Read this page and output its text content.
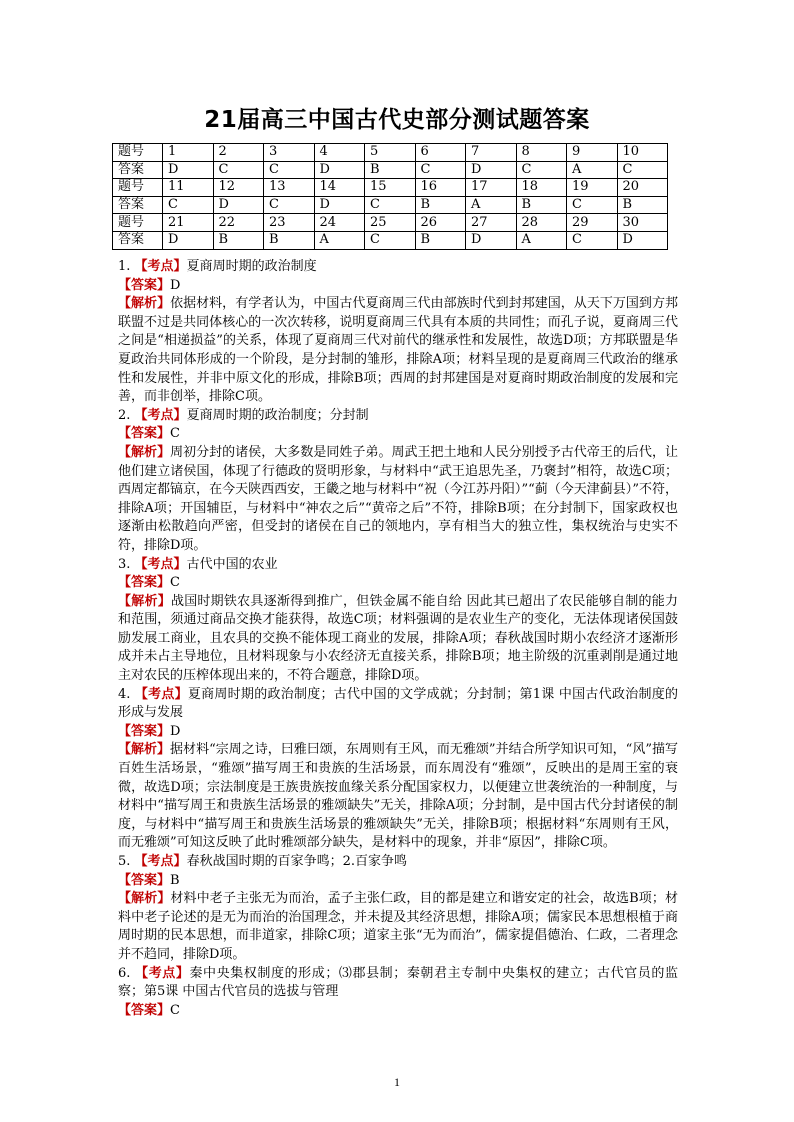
21届高三中国古代史部分测试题答案
题号	1	2	3	4	5	6	7	8	9	10
答案	D	C	C	D	B	C	D	C	A	C
题号	11	12	13	14	15	16	17	18	19	20
答案	C	D	C	D	C	B	A	B	C	B
题号	21	22	23	24	25	26	27	28	29	30
答案	D	B	B	A	C	B	D	A	C	D

1. 【考点】夏商周时期的政治制度

【答案】D

【解析】依据材料，有学者认为，中国古代夏商周三代由部族时代到封邦建国，从天下万国到方邦联盟不过是共同体核心的一次次转移，说明夏商周三代具有本质的共同性；而孔子说，夏商周三代之间是“相递损益”的关系，体现了夏商周三代对前代的继承性和发展性，故选D项；方邦联盟是华夏政治共同体形成的一个阶段，是分封制的雏形，排除A项；材料呈现的是夏商周三代政治的继承性和发展性，并非中原文化的形成，排除B项；西周的封邦建国是对夏商时期政治制度的发展和完善，而非创举，排除C项。

2. 【考点】夏商周时期的政治制度；分封制

【答案】C

【解析】周初分封的诸侯，大多数是同姓子弟。周武王把土地和人民分别授予古代帝王的后代，让他们建立诸侯国，体现了行德政的贤明形象，与材料中“武王追思先圣，乃褒封”相符，故选C项；西周定都镐京，在今天陕西西安，王畿之地与材料中“祝（今江苏丹阳）”“蓟（今天津蓟县）”不符，排除A项；开国辅臣，与材料中“神农之后”“黄帝之后”不符，排除B项；在分封制下，国家政权也逐渐由松散趋向严密，但受封的诸侯在自己的领地内，享有相当大的独立性，集权统治与史实不符，排除D项。

3. 【考点】古代中国的农业

【答案】C

【解析】战国时期铁农具逐渐得到推广，但铁金属不能自给 因此其已超出了农民能够自制的能力和范围，须通过商品交换才能获得，故选C项；材料强调的是农业生产的变化，无法体现诸侯国鼓励发展工商业，且农具的交换不能体现工商业的发展，排除A项；春秋战国时期小农经济才逐渐形成并未占主导地位，且材料现象与小农经济无直接关系，排除B项；地主阶级的沉重剥削是通过地主对农民的压榨体现出来的，不符合题意，排除D项。

4. 【考点】夏商周时期的政治制度；古代中国的文学成就；分封制；第1课 中国古代政治制度的形成与发展

【答案】D

【解析】据材料“宗周之诗，曰雅曰颂，东周则有王风，而无雅颂”并结合所学知识可知，“风”描写百姓生活场景，“雅颂”描写周王和贵族的生活场景，而东周没有“雅颂”，反映出的是周王室的衰微，故选D项；宗法制度是王族贵族按血缘关系分配国家权力，以便建立世袭统治的一种制度，与材料中“描写周王和贵族生活场景的雅颂缺失”无关，排除A项；分封制，是中国古代分封诸侯的制度，与材料中“描写周王和贵族生活场景的雅颂缺失”无关，排除B项；根据材料“东周则有王风，而无雅颂”可知这反映了此时雅颂部分缺失，是材料中的现象，并非“原因”，排除C项。

5. 【考点】春秋战国时期的百家争鸣；2.百家争鸣

【答案】B

【解析】材料中老子主张无为而治，孟子主张仁政，目的都是建立和谐安定的社会，故选B项；材料中老子论述的是无为而治的治国理念，并未提及其经济思想，排除A项；儒家民本思想根植于商周时期的民本思想，而非道家，排除C项；道家主张“无为而治”，儒家提倡德治、仁政，二者理念并不趋同，排除D项。

6. 【考点】秦中央集权制度的形成；⑶郡县制；秦朝君主专制中央集权的建立；古代官员的监察；第5课 中国古代官员的选拔与管理

【答案】C

1
